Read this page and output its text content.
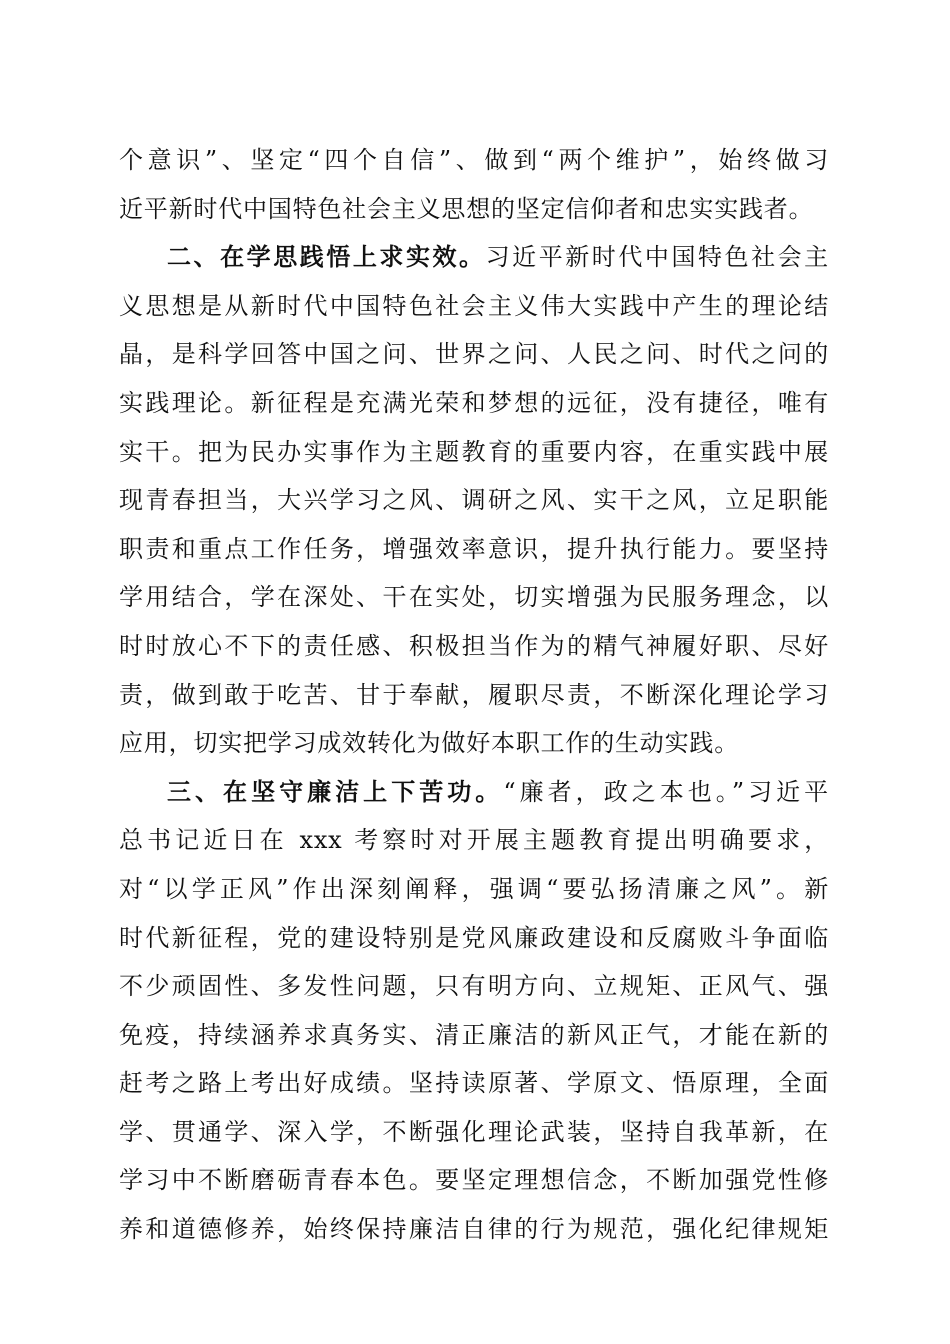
个意识”、坚定“四个自信”、做到“两个维护”，始终做习
近平新时代中国特色社会主义思想的坚定信仰者和忠实实践者。
二、在学思践悟上求实效。习近平新时代中国特色社会主
义思想是从新时代中国特色社会主义伟大实践中产生的理论结
晶，是科学回答中国之问、世界之问、人民之问、时代之问的
实践理论。新征程是充满光荣和梦想的远征，没有捷径，唯有
实干。把为民办实事作为主题教育的重要内容，在重实践中展
现青春担当，大兴学习之风、调研之风、实干之风，立足职能
职责和重点工作任务，增强效率意识，提升执行能力。要坚持
学用结合，学在深处、干在实处，切实增强为民服务理念，以
时时放心不下的责任感、积极担当作为的精气神履好职、尽好
责，做到敢于吃苦、甘于奉献，履职尽责，不断深化理论学习
应用，切实把学习成效转化为做好本职工作的生动实践。
三、在坚守廉洁上下苦功。“廉者，政之本也。”习近平
总书记近日在 xxx 考察时对开展主题教育提出明确要求，
对“以学正风”作出深刻阐释，强调“要弘扬清廉之风”。新
时代新征程，党的建设特别是党风廉政建设和反腐败斗争面临
不少顽固性、多发性问题，只有明方向、立规矩、正风气、强
免疫，持续涵养求真务实、清正廉洁的新风正气，才能在新的
赶考之路上考出好成绩。坚持读原著、学原文、悟原理，全面
学、贯通学、深入学，不断强化理论武装，坚持自我革新，在
学习中不断磨砺青春本色。要坚定理想信念，不断加强党性修
养和道德修养，始终保持廉洁自律的行为规范，强化纪律规矩
